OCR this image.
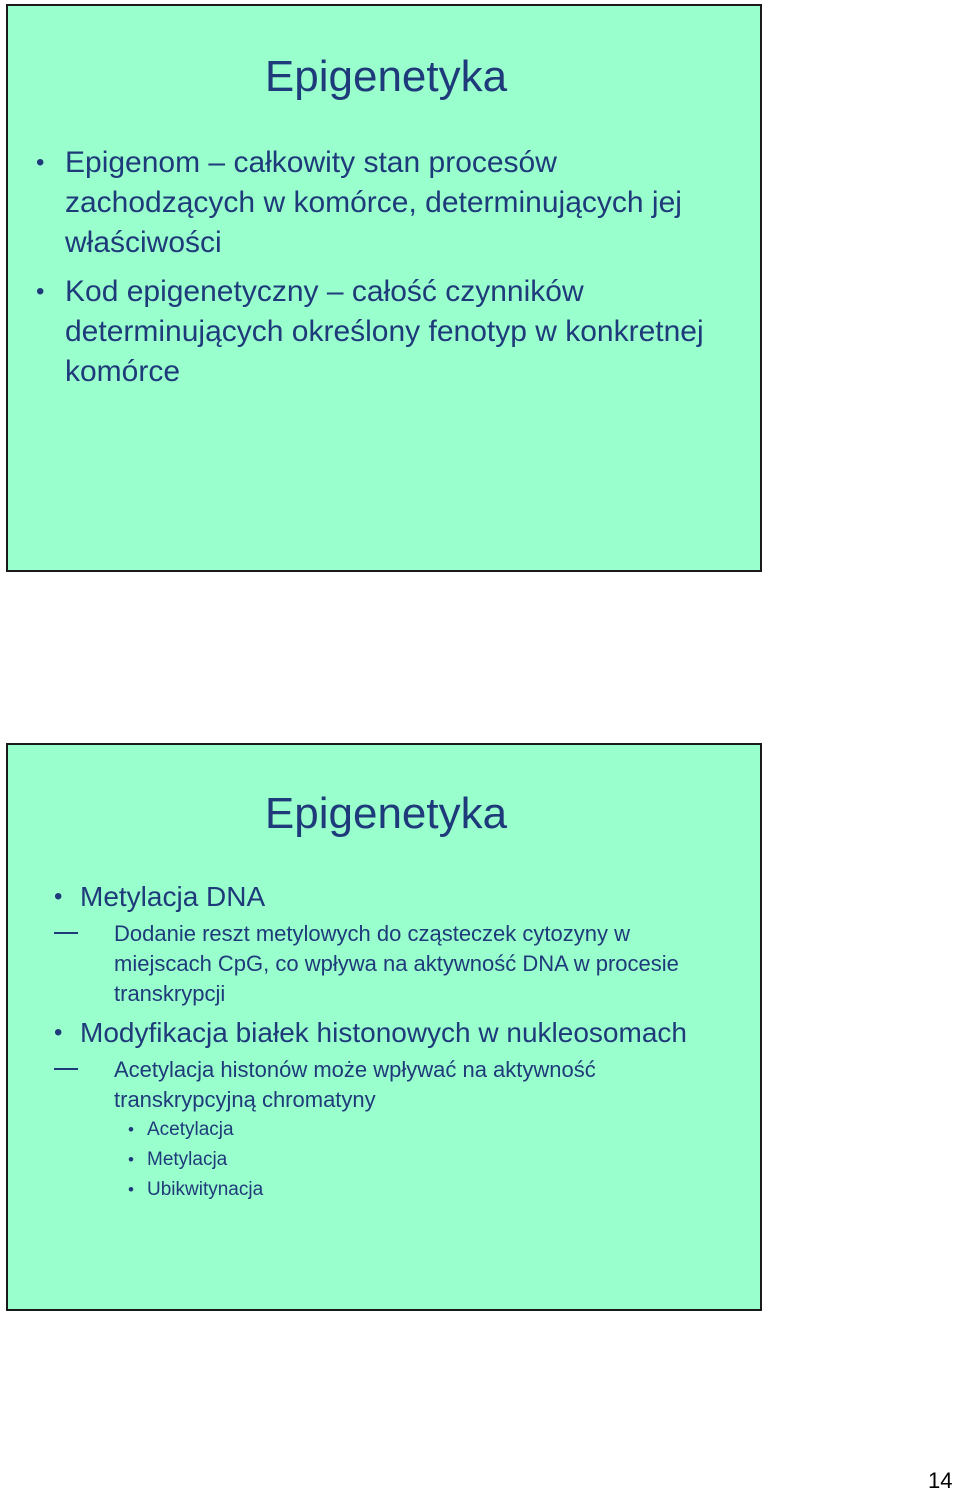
Epigenetyka
• Epigenom – całkowity stan procesów zachodzących w komórce, determinujących jej właściwości
• Kod epigenetyczny – całość czynników determinujących określony fenotyp w konkretnej komórce
Epigenetyka
• Metylacja DNA
Dodanie reszt metylowych do cząsteczek cytozyny w miejscach CpG, co wpływa na aktywność DNA w procesie transkrypcji
• Modyfikacja białek histonowych w nukleosomach
Acetylacja histonów może wpływać na aktywność transkrypcyjną chromatyny
• Acetylacja
• Metylacja
• Ubikwitynacja
14
